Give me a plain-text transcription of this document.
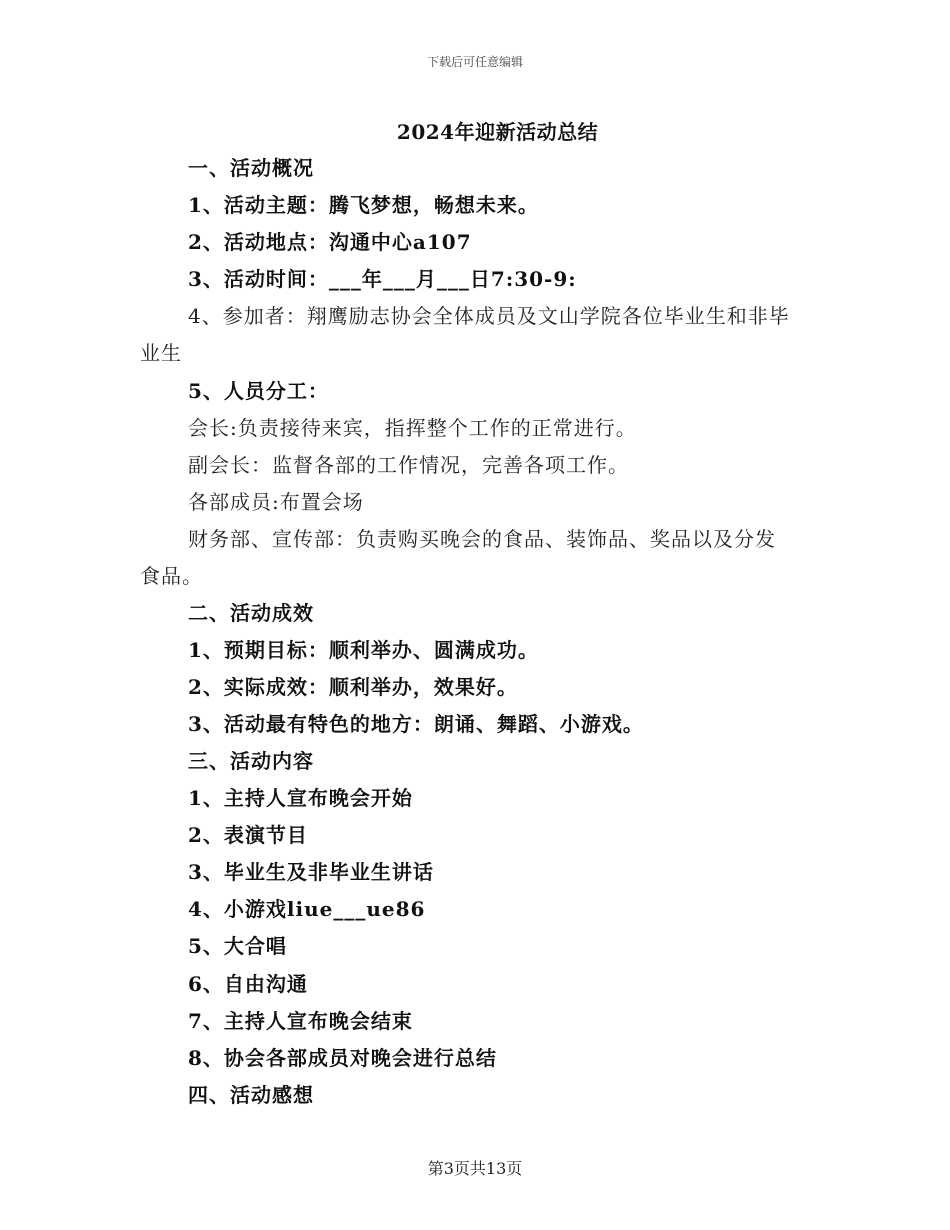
下载后可任意编辑
2024年迎新活动总结
一、活动概况
1、活动主题：腾飞梦想，畅想未来。
2、活动地点：沟通中心a107
3、活动时间：___年___月___日7:30-9:
4、参加者：翔鹰励志协会全体成员及文山学院各位毕业生和非毕
业生
5、人员分工：
会长:负责接待来宾，指挥整个工作的正常进行。
副会长：监督各部的工作情况，完善各项工作。
各部成员:布置会场
财务部、宣传部：负责购买晚会的食品、装饰品、奖品以及分发
食品。
二、活动成效
1、预期目标：顺利举办、圆满成功。
2、实际成效：顺利举办，效果好。
3、活动最有特色的地方：朗诵、舞蹈、小游戏。
三、活动内容
1、主持人宣布晚会开始
2、表演节目
3、毕业生及非毕业生讲话
4、小游戏liue___ue86
5、大合唱
6、自由沟通
7、主持人宣布晚会结束
8、协会各部成员对晚会进行总结
四、活动感想
第3页共13页
